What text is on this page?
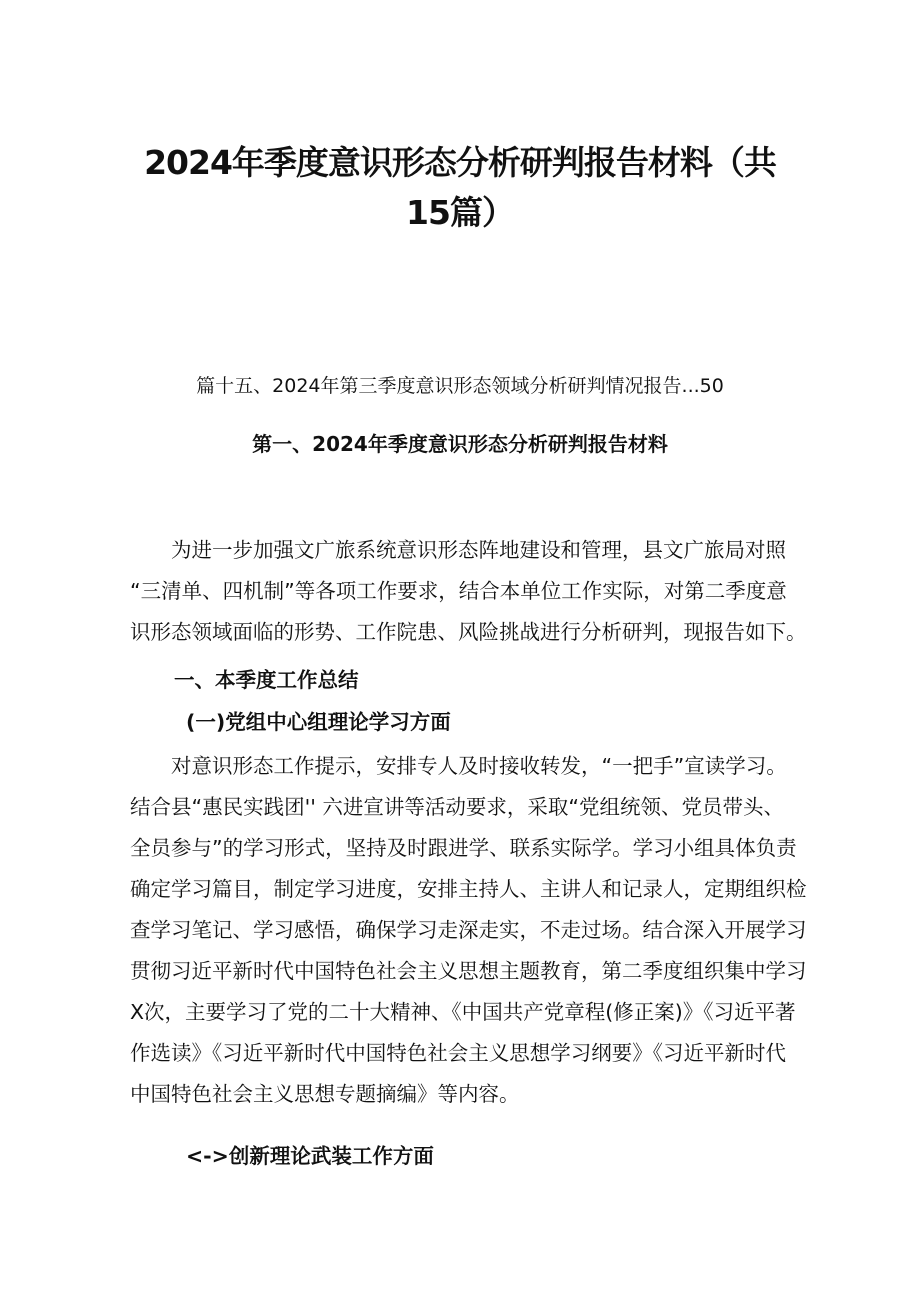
2024年季度意识形态分析研判报告材料（共
15篇）

篇十五、2024年第三季度意识形态领域分析研判情况报告...50

第一、2024年季度意识形态分析研判报告材料

　　为进一步加强文广旅系统意识形态阵地建设和管理，县文广旅局对照
“三清单、四机制”等各项工作要求，结合本单位工作实际，对第二季度意
识形态领域面临的形势、工作院患、风险挑战进行分析研判，现报告如下。

一、本季度工作总结
(一)党组中心组理论学习方面

　　对意识形态工作提示，安排专人及时接收转发，“一把手”宣读学习。
结合县“惠民实践团'' 六进宣讲等活动要求，采取“党组统领、党员带头、
全员参与”的学习形式，坚持及时跟进学、联系实际学。学习小组具体负责
确定学习篇目，制定学习进度，安排主持人、主讲人和记录人，定期组织检
查学习笔记、学习感悟，确保学习走深走实，不走过场。结合深入开展学习
贯彻习近平新时代中国特色社会主义思想主题教育，第二季度组织集中学习
X次，主要学习了党的二十大精神、《中国共产党章程(修正案)》《习近平著
作选读》《习近平新时代中国特色社会主义思想学习纲要》《习近平新时代
中国特色社会主义思想专题摘编》等内容。

<->创新理论武装工作方面
